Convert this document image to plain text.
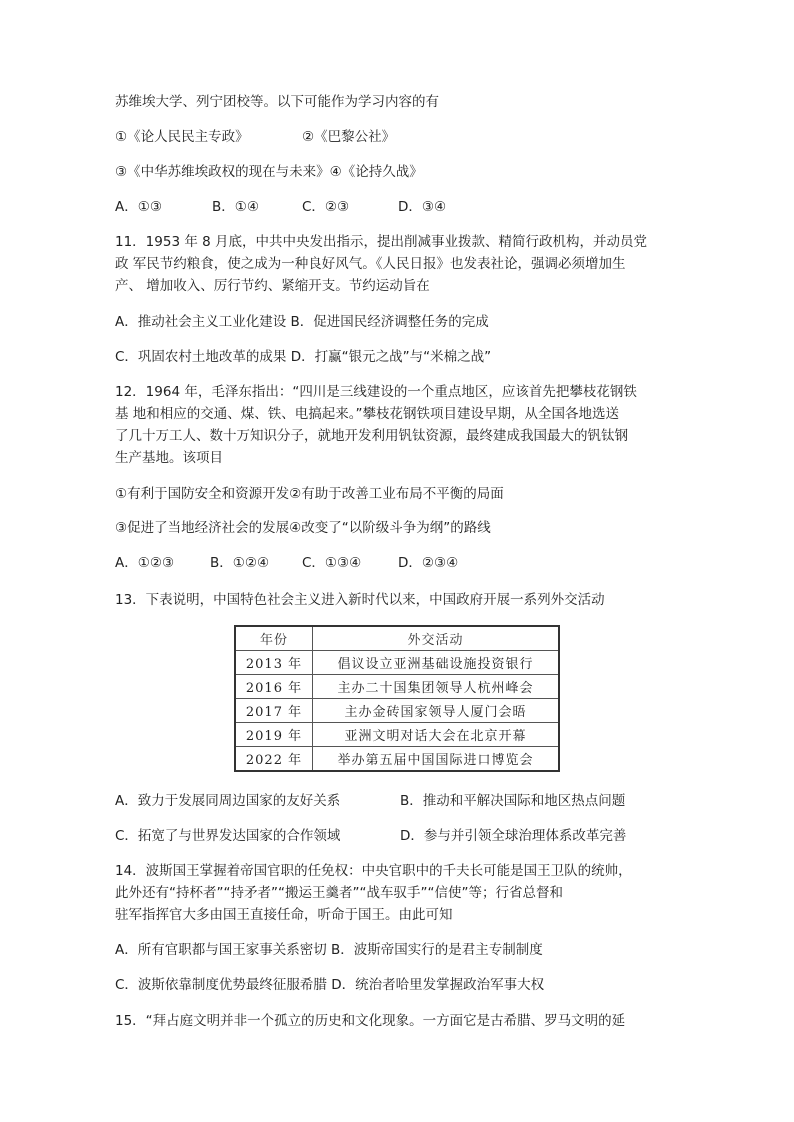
苏维埃大学、列宁团校等。以下可能作为学习内容的有
①《论人民民主专政》	②《巴黎公社》
③《中华苏维埃政权的现在与未来》④《论持久战》
A．①③	B．①④	C．②③	D．③④
11．1953 年 8 月底，中共中央发出指示，提出削减事业拨款、精简行政机构，并动员党
政 军民节约粮食，使之成为一种良好风气。《人民日报》也发表社论，强调必须增加生
产、 增加收入、厉行节约、紧缩开支。节约运动旨在
A．推动社会主义工业化建设 B．促进国民经济调整任务的完成
C．巩固农村土地改革的成果 D．打赢“银元之战”与“米棉之战”
12．1964 年，毛泽东指出：“四川是三线建设的一个重点地区，应该首先把攀枝花钢铁
基 地和相应的交通、煤、铁、电搞起来。”攀枝花钢铁项目建设早期，从全国各地选送
了几十万工人、数十万知识分子，就地开发利用钒钛资源，最终建成我国最大的钒钛钢
生产基地。该项目
①有利于国防安全和资源开发②有助于改善工业布局不平衡的局面
③促进了当地经济社会的发展④改变了“以阶级斗争为纲”的路线
A．①②③	B．①②④ C．①③④	D．②③④
13．下表说明，中国特色社会主义进入新时代以来，中国政府开展一系列外交活动
年份	外交活动
2013 年	倡议设立亚洲基础设施投资银行
2016 年	主办二十国集团领导人杭州峰会
2017 年	主办金砖国家领导人厦门会晤
2019 年	亚洲文明对话大会在北京开幕
2022 年	举办第五届中国国际进口博览会
A．致力于发展同周边国家的友好关系	B．推动和平解决国际和地区热点问题
C．拓宽了与世界发达国家的合作领域	D．参与并引领全球治理体系改革完善
14．波斯国王掌握着帝国官职的任免权：中央官职中的千夫长可能是国王卫队的统帅，
此外还有“持杯者”“持矛者”“搬运王羹者”“战车驭手”“信使”等；行省总督和
驻军指挥官大多由国王直接任命，听命于国王。由此可知
A．所有官职都与国王家事关系密切 B．波斯帝国实行的是君主专制制度
C．波斯依靠制度优势最终征服希腊 D．统治者哈里发掌握政治军事大权
15．“拜占庭文明并非一个孤立的历史和文化现象。一方面它是古希腊、罗马文明的延
